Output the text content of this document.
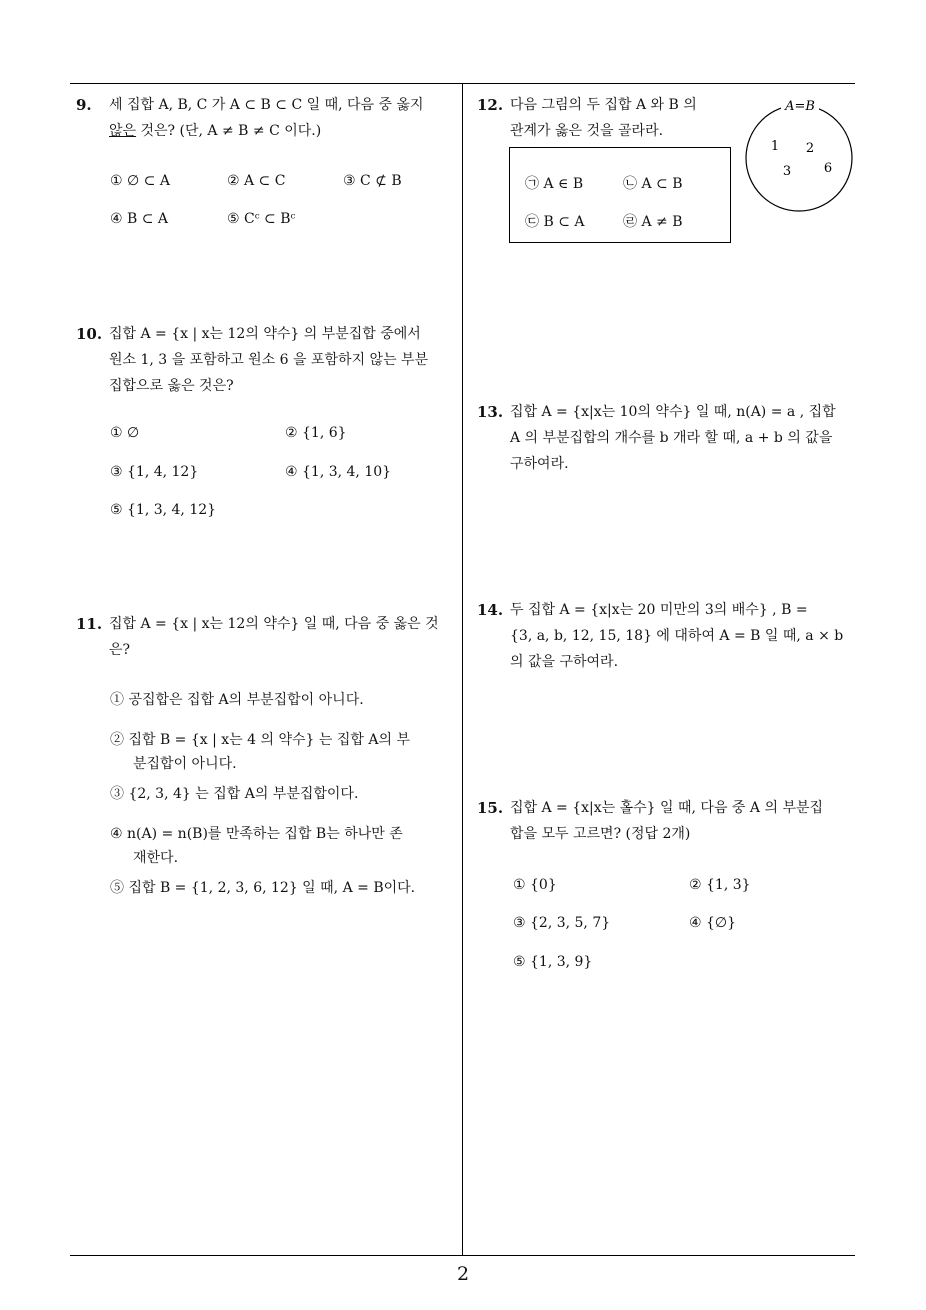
9. 세 집합 A, B, C 가 A ⊂ B ⊂ C 일 때, 다음 중 옳지
않은 것은? (단, A ≠ B ≠ C 이다.)
① ∅ ⊂ A	② A ⊂ C	③ C ⊄ B
④ B ⊂ A	⑤ Cᶜ ⊂ Bᶜ
10. 집합 A = {x | x는 12의 약수} 의 부분집합 중에서
원소 1, 3 을 포함하고 원소 6 을 포함하지 않는 부분
집합으로 옳은 것은?
① ∅	② {1, 6}
③ {1, 4, 12}	④ {1, 3, 4, 10}
⑤ {1, 3, 4, 12}
11. 집합 A = {x | x는 12의 약수} 일 때, 다음 중 옳은 것
은?
① 공집합은 집합 A의 부분집합이 아니다.
② 집합 B = {x | x는 4 의 약수} 는 집합 A의 부
분집합이 아니다.
③ {2, 3, 4} 는 집합 A의 부분집합이다.
④ n(A) = n(B)를 만족하는 집합 B는 하나만 존
재한다.
⑤ 집합 B = {1, 2, 3, 6, 12} 일 때, A = B이다.
12. 다음 그림의 두 집합 A 와 B 의
관계가 옳은 것을 골라라.
㉠ A ∈ B	㉡ A ⊂ B
㉢ B ⊂ A	㉣ A ≠ B
A=B
1 2
3	6
13. 집합 A = {x|x는 10의 약수} 일 때, n(A) = a , 집합
A 의 부분집합의 개수를 b 개라 할 때, a + b 의 값을
구하여라.
14. 두 집합 A = {x|x는 20 미만의 3의 배수} , B =
{3, a, b, 12, 15, 18} 에 대하여 A = B 일 때, a × b
의 값을 구하여라.
15. 집합 A = {x|x는 홀수} 일 때, 다음 중 A 의 부분집
합을 모두 고르면? (정답 2개)
① {0}	② {1, 3}
③ {2, 3, 5, 7}	④ {∅}
⑤ {1, 3, 9}
2
